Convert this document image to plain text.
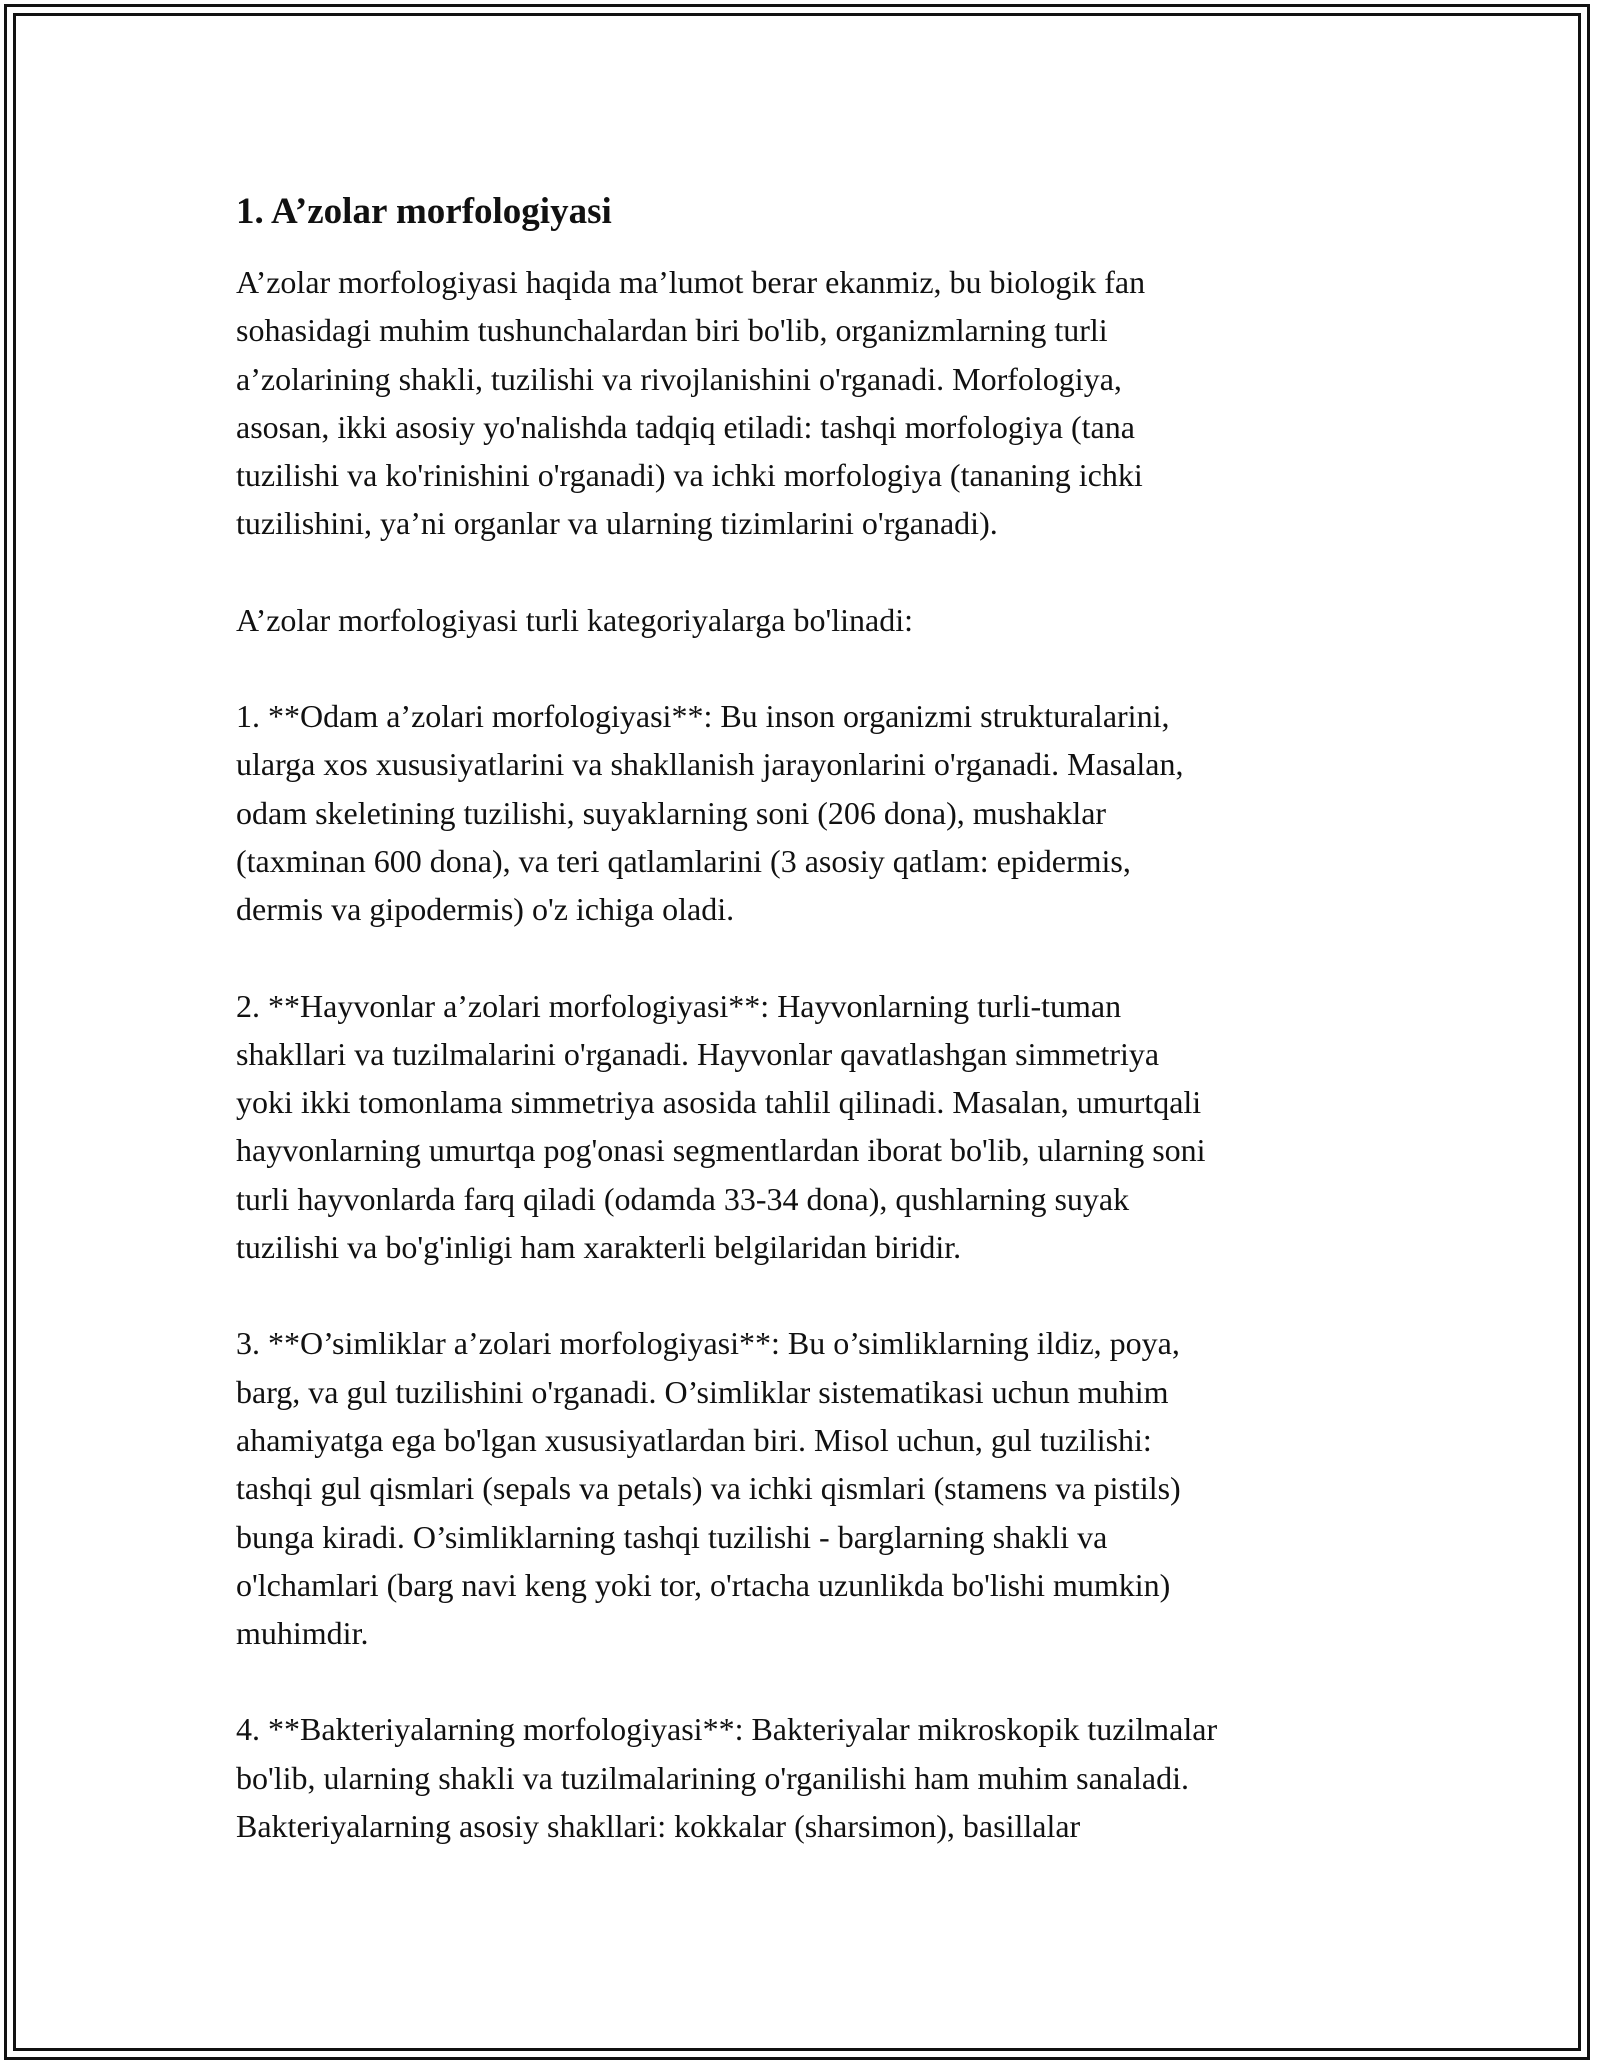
1. A’zolar morfologiyasi

A’zolar morfologiyasi haqida ma’lumot berar ekanmiz, bu biologik fan
sohasidagi muhim tushunchalardan biri bo'lib, organizmlarning turli
a’zolarining shakli, tuzilishi va rivojlanishini o'rganadi. Morfologiya,
asosan, ikki asosiy yo'nalishda tadqiq etiladi: tashqi morfologiya (tana
tuzilishi va ko'rinishini o'rganadi) va ichki morfologiya (tananing ichki
tuzilishini, ya’ni organlar va ularning tizimlarini o'rganadi).

A’zolar morfologiyasi turli kategoriyalarga bo'linadi:

1. **Odam a’zolari morfologiyasi**: Bu inson organizmi strukturalarini,
ularga xos xususiyatlarini va shakllanish jarayonlarini o'rganadi. Masalan,
odam skeletining tuzilishi, suyaklarning soni (206 dona), mushaklar
(taxminan 600 dona), va teri qatlamlarini (3 asosiy qatlam: epidermis,
dermis va gipodermis) o'z ichiga oladi.

2. **Hayvonlar a’zolari morfologiyasi**: Hayvonlarning turli-tuman
shakllari va tuzilmalarini o'rganadi. Hayvonlar qavatlashgan simmetriya
yoki ikki tomonlama simmetriya asosida tahlil qilinadi. Masalan, umurtqali
hayvonlarning umurtqa pog'onasi segmentlardan iborat bo'lib, ularning soni
turli hayvonlarda farq qiladi (odamda 33-34 dona), qushlarning suyak
tuzilishi va bo'g'inligi ham xarakterli belgilaridan biridir.

3. **O’simliklar a’zolari morfologiyasi**: Bu o’simliklarning ildiz, poya,
barg, va gul tuzilishini o'rganadi. O’simliklar sistematikasi uchun muhim
ahamiyatga ega bo'lgan xususiyatlardan biri. Misol uchun, gul tuzilishi:
tashqi gul qismlari (sepals va petals) va ichki qismlari (stamens va pistils)
bunga kiradi. O’simliklarning tashqi tuzilishi - barglarning shakli va
o'lchamlari (barg navi keng yoki tor, o'rtacha uzunlikda bo'lishi mumkin)
muhimdir.

4. **Bakteriyalarning morfologiyasi**: Bakteriyalar mikroskopik tuzilmalar
bo'lib, ularning shakli va tuzilmalarining o'rganilishi ham muhim sanaladi.
Bakteriyalarning asosiy shakllari: kokkalar (sharsimon), basillalar
